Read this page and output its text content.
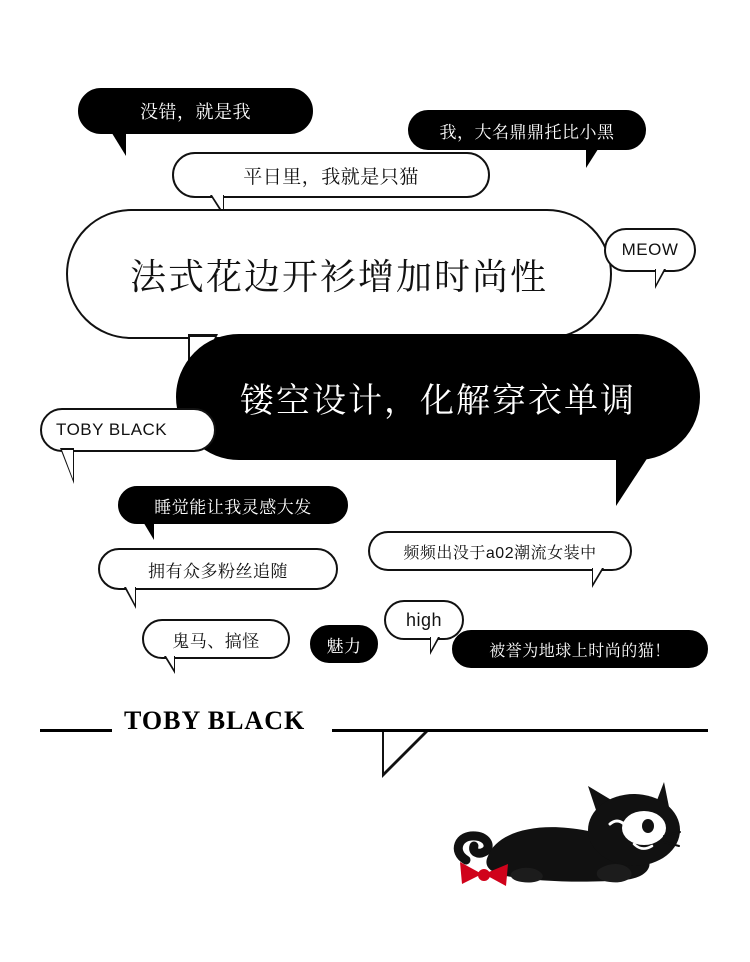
没错，就是我
我，大名鼎鼎托比小黑
平日里，我就是只猫
法式花边开衫增加时尚性
MEOW
镂空设计，化解穿衣单调
TOBY BLACK
睡觉能让我灵感大发
频频出没于a02潮流女装中
拥有众多粉丝追随
high
鬼马、搞怪	魅力	被誉为地球上时尚的猫！
TOBY BLACK
